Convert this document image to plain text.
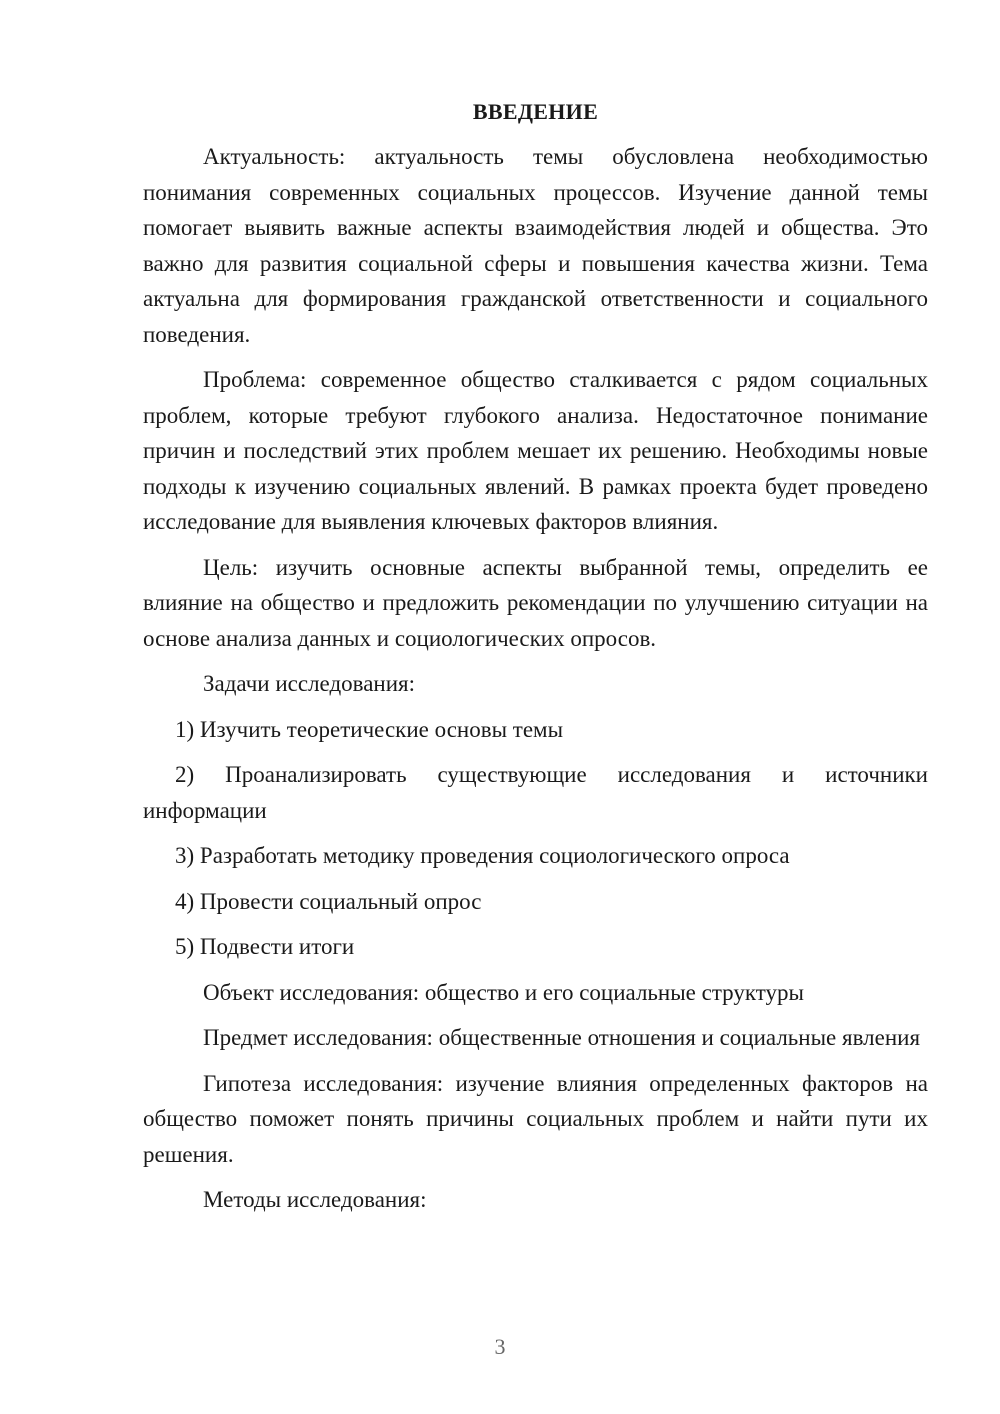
ВВЕДЕНИЕ

Актуальность: актуальность темы обусловлена необходимостью понимания современных социальных процессов. Изучение данной темы помогает выявить важные аспекты взаимодействия людей и общества. Это важно для развития социальной сферы и повышения качества жизни. Тема актуальна для формирования гражданской ответственности и социального поведения.

Проблема: современное общество сталкивается с рядом социальных проблем, которые требуют глубокого анализа. Недостаточное понимание причин и последствий этих проблем мешает их решению. Необходимы новые подходы к изучению социальных явлений. В рамках проекта будет проведено исследование для выявления ключевых факторов влияния.

Цель: изучить основные аспекты выбранной темы, определить ее влияние на общество и предложить рекомендации по улучшению ситуации на основе анализа данных и социологических опросов.

Задачи исследования:

1) Изучить теоретические основы темы

2) Проанализировать существующие исследования и источники информации

3) Разработать методику проведения социологического опроса

4) Провести социальный опрос

5) Подвести итоги

Объект исследования: общество и его социальные структуры

Предмет исследования: общественные отношения и социальные явления

Гипотеза исследования: изучение влияния определенных факторов на общество поможет понять причины социальных проблем и найти пути их решения.

Методы исследования:

3
